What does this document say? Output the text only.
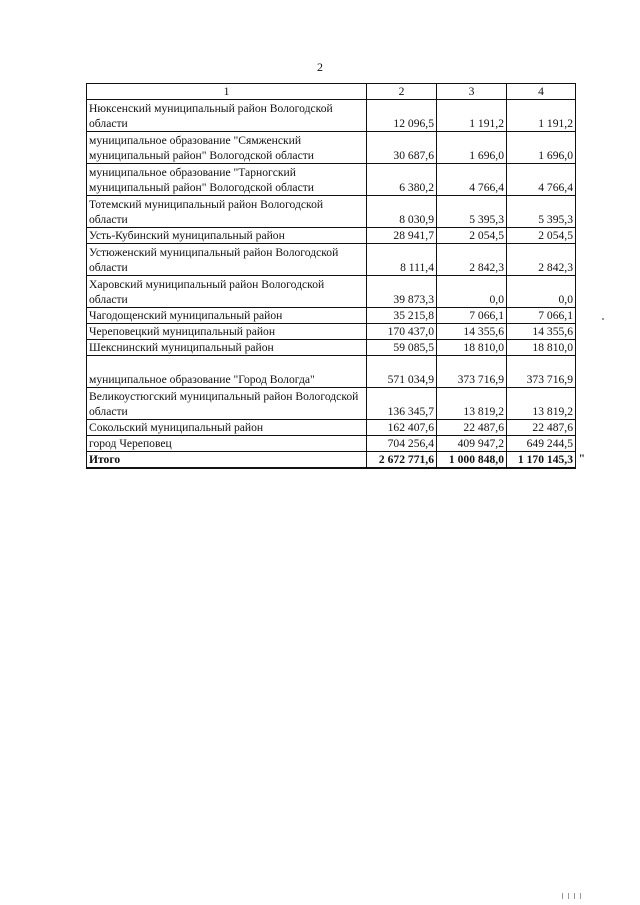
2
1	2	3	4
Нюксенский муниципальный район Вологодской области	12 096,5	1 191,2	1 191,2
муниципальное образование "Сямженский муниципальный район" Вологодской области	30 687,6	1 696,0	1 696,0
муниципальное образование "Тарногский муниципальный район" Вологодской области	6 380,2	4 766,4	4 766,4
Тотемский муниципальный район Вологодской области	8 030,9	5 395,3	5 395,3
Усть-Кубинский муниципальный район	28 941,7	2 054,5	2 054,5
Устюженский муниципальный район Вологодской области	8 111,4	2 842,3	2 842,3
Харовский муниципальный район Вологодской области	39 873,3	0,0	0,0
Чагодощенский муниципальный район	35 215,8	7 066,1	7 066,1
Череповецкий муниципальный район	170 437,0	14 355,6	14 355,6
Шекснинский муниципальный район	59 085,5	18 810,0	18 810,0
муниципальное образование "Город Вологда"	571 034,9	373 716,9	373 716,9
Великоустюгский муниципальный район Вологодской области	136 345,7	13 819,2	13 819,2
Сокольский муниципальный район	162 407,6	22 487,6	22 487,6
город Череповец	704 256,4	409 947,2	649 244,5
Итого	2 672 771,6	1 000 848,0	1 170 145,3 "
